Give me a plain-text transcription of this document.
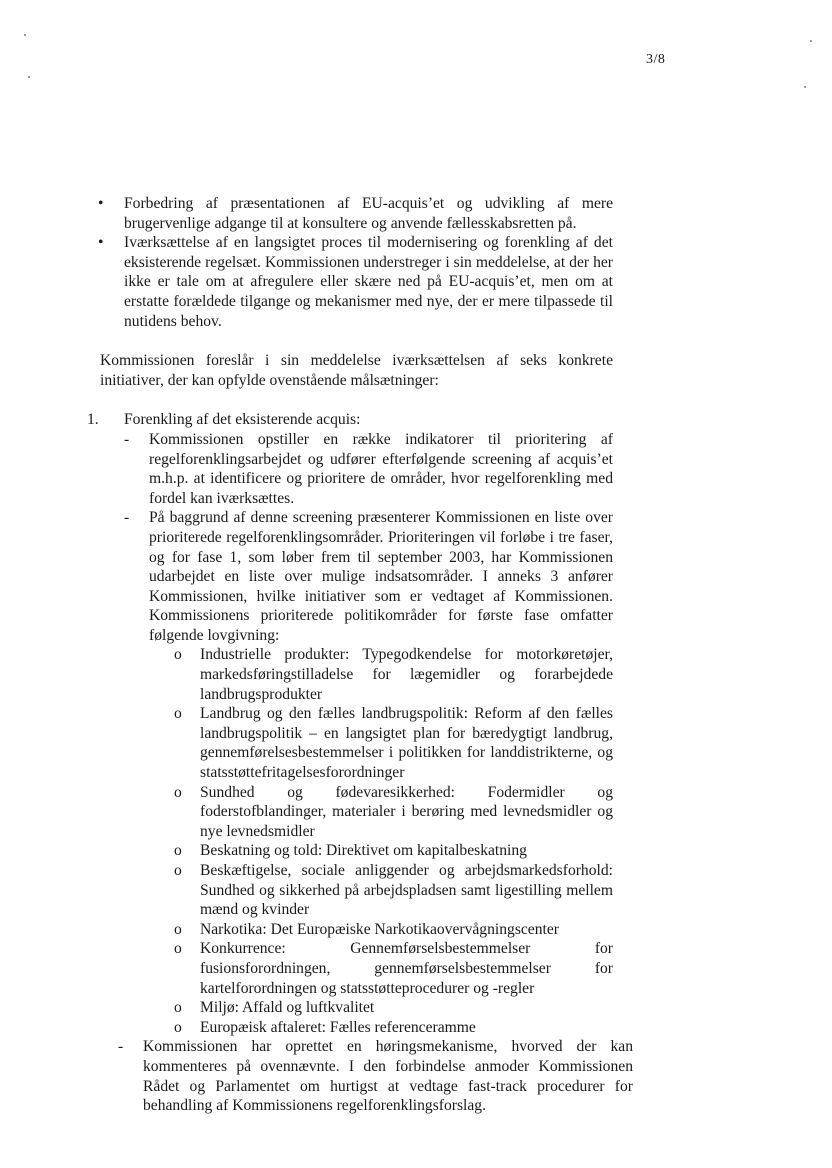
3/8
• Forbedring af præsentationen af EU-acquis’et og udvikling af mere brugervenlige adgange til at konsultere og anvende fællesskabsretten på.
• Iværksættelse af en langsigtet proces til modernisering og forenkling af det eksisterende regelsæt. Kommissionen understreger i sin meddelelse, at der her ikke er tale om at afregulere eller skære ned på EU-acquis’et, men om at erstatte forældede tilgange og mekanismer med nye, der er mere tilpassede til nutidens behov.

Kommissionen foreslår i sin meddelelse iværksættelsen af seks konkrete initiativer, der kan opfylde ovenstående målsætninger:

1. Forenkling af det eksisterende acquis:
- Kommissionen opstiller en række indikatorer til prioritering af regelforenklingsarbejdet og udfører efterfølgende screening af acquis’et m.h.p. at identificere og prioritere de områder, hvor regelforenkling med fordel kan iværksættes.
- På baggrund af denne screening præsenterer Kommissionen en liste over prioriterede regelforenklingsområder. Prioriteringen vil forløbe i tre faser, og for fase 1, som løber frem til september 2003, har Kommissionen udarbejdet en liste over mulige indsatsområder. I anneks 3 anfører Kommissionen, hvilke initiativer som er vedtaget af Kommissionen. Kommissionens prioriterede politikområder for første fase omfatter følgende lovgivning:
o Industrielle produkter: Typegodkendelse for motorkøretøjer, markedsføringstilladelse for lægemidler og forarbejdede landbrugsprodukter
o Landbrug og den fælles landbrugspolitik: Reform af den fælles landbrugspolitik – en langsigtet plan for bæredygtigt landbrug, gennemførelsesbestemmelser i politikken for landdistrikterne, og statsstøttefritagelsesforordninger
o Sundhed og fødevaresikkerhed: Fodermidler og foderstofblandinger, materialer i berøring med levnedsmidler og nye levnedsmidler
o Beskatning og told: Direktivet om kapitalbeskatning
o Beskæftigelse, sociale anliggender og arbejdsmarkedsforhold: Sundhed og sikkerhed på arbejdspladsen samt ligestilling mellem mænd og kvinder
o Narkotika: Det Europæiske Narkotikaovervågningscenter
o Konkurrence: Gennemførselsbestemmelser for fusionsforordningen, gennemførselsbestemmelser for kartelforordningen og statsstøtteprocedurer og -regler
o Miljø: Affald og luftkvalitet
o Europæisk aftaleret: Fælles referenceramme
- Kommissionen har oprettet en høringsmekanisme, hvorved der kan kommenteres på ovennævnte. I den forbindelse anmoder Kommissionen Rådet og Parlamentet om hurtigst at vedtage fast-track procedurer for behandling af Kommissionens regelforenklingsforslag.
